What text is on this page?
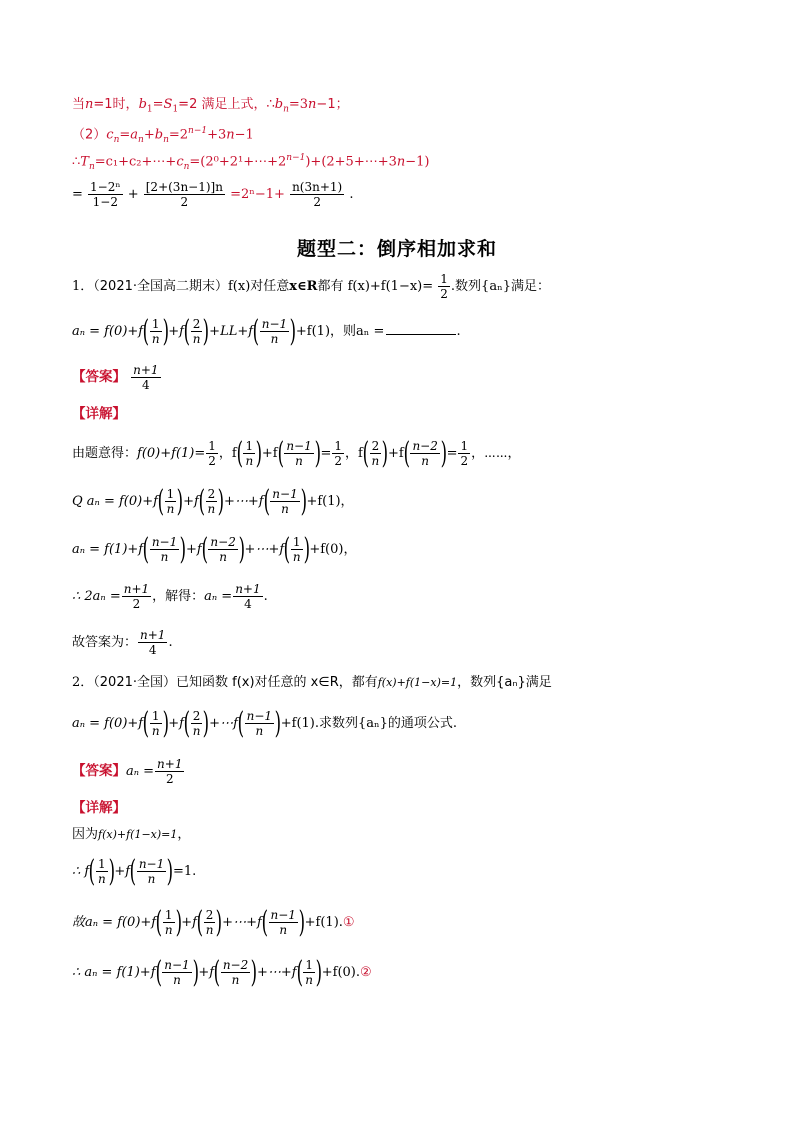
当n=1时，$b_1=S_1=2$ 满足上式，$\therefore b_n=3n-1$；
$(2)c_n=a_n+b_n=2^{n-1}+3n-1$
$\therefore T_n=c_1+c_2+\cdots+c_n=(2^0+2^1+\cdots+2^{n-1})+(2+5+\cdots+3n-1)$
= $\frac{\text{1−2ⁿ}}{1-2} + \frac{[2+(3n-1)]n}{2} =2^n-1+ \frac{n(3n+1)}{2}$ .
题型二：倒序相加求和
1．（2021·全国高二期末）f(x)对任意x∈R都有 $f(x)+f(1-x)= \frac{1}{2}$ .数列{aₙ}满足：
$a_n = f(0)+f( \frac{1}{n} )+f( \frac{2}{n} )+LL+f( \frac{n-1}{n} )+f(1)$，则aₙ =	.
【答案】 $\frac{n+1}{4}$
【详解】
由题意得：$f(0)+f(1)= \frac{1}{2}$ ，$f( \frac{1}{n} )+f( \frac{n-1}{n}$ )= $\frac{1}{2}$ ，$f( \frac{2}{n} )+f( \frac{n-2}{n}$ )= $\frac{1}{2}$ ，⋯⋯，
Q $a_n = f(0)+f( \frac{1}{n} )+f( \frac{2}{n}$ )+⋯+f( $\frac{n-1}{n} )+f(1)$，
$a_n = f(1)+f( \frac{n-1}{n} )+f( \frac{n-2}{n}$ )+⋯+f( $\frac{1}{n} )+f(0)$，
∴ $2a_n = \frac{n+1}{2}$ ，解得：$a_n = \frac{n+1}{4}$ .
故答案为： $\frac{n+1}{4}$ .
2．（2021·全国）已知函数 f(x)对任意的 x∈R，都有f(x)+f(1−x)=1，数列{aₙ}满足
$a_n = f(0)+f( \frac{1}{n} )+f( \frac{2}{n}$ )+⋯f( $\frac{n-1}{n} )+f(1)$.求数列{aₙ}的通项公式.
【答案】$a_n = \frac{n+1}{2}$
【详解】
因为f(x)+f(1−x)=1，
∴ $f( \frac{1}{n} )+f( \frac{n-1}{n} )=1$.
故$a_n = f(0)+f( \frac{1}{n} )+f( \frac{2}{n}$ )+⋯+f( $\frac{n-1}{n}$ )+f(1).①
∴ $a_n = f(1)+f( \frac{n-1}{n} )+f( \frac{n-2}{n}$ )+⋯+f( $\frac{1}{n}$ )+f(0).②
